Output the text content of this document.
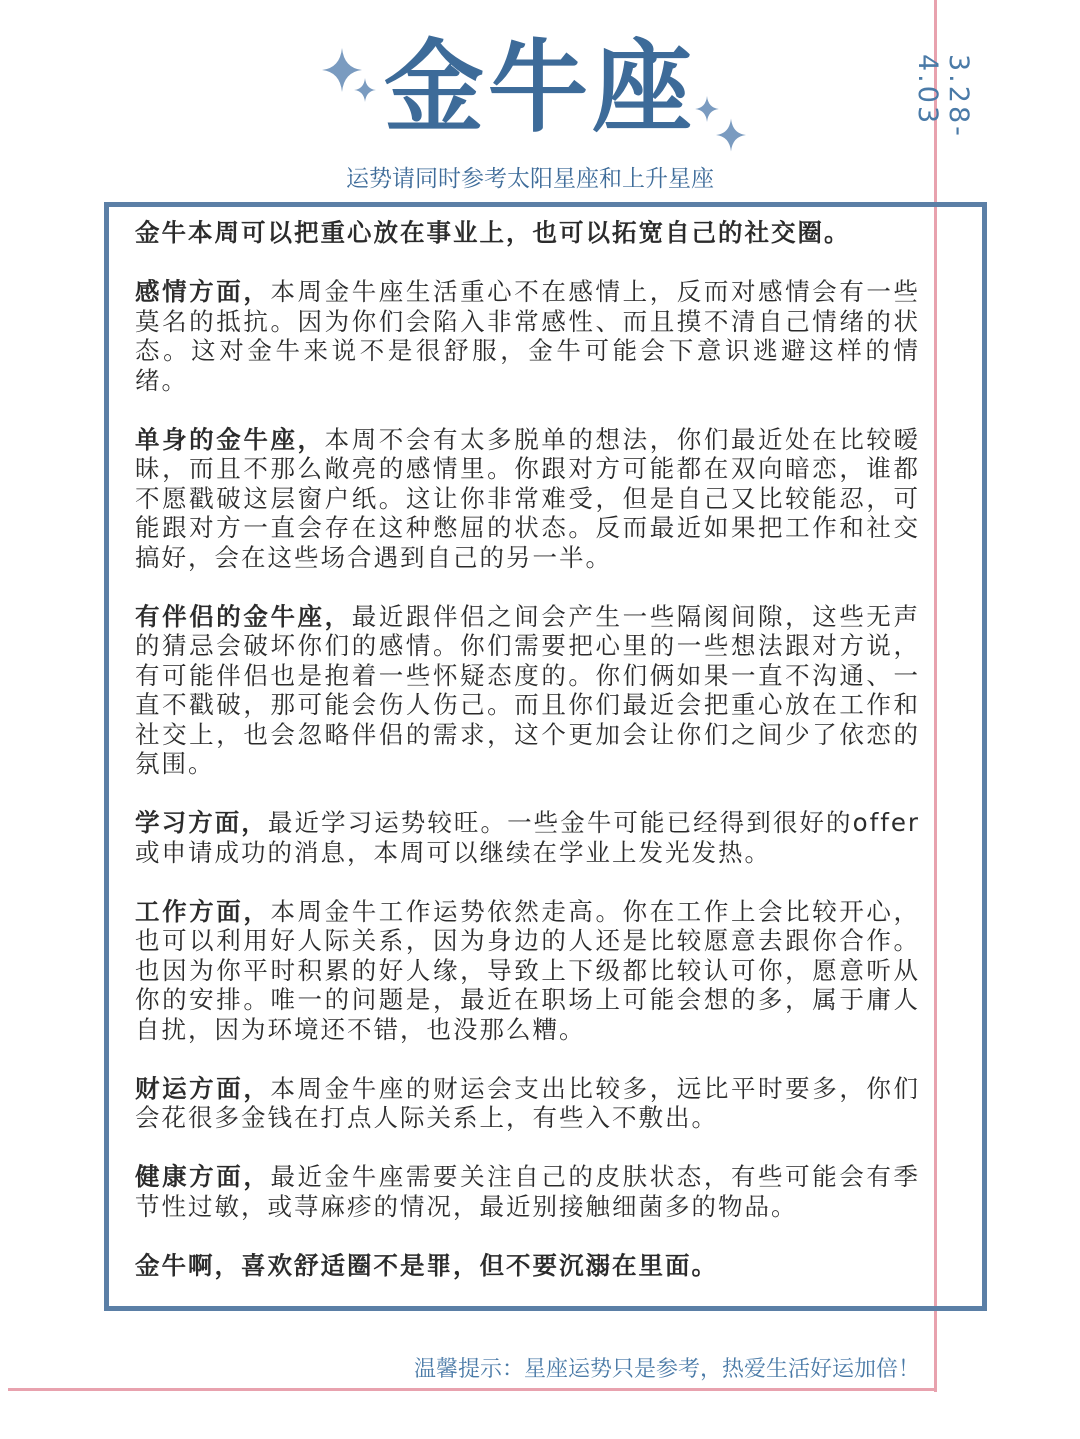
3.28-4.03
金牛座
运势请同时参考太阳星座和上升星座

金牛本周可以把重心放在事业上，也可以拓宽自己的社交圈。

感情方面，本周金牛座生活重心不在感情上，反而对感情会有一些莫名的抵抗。因为你们会陷入非常感性、而且摸不清自己情绪的状态。这对金牛来说不是很舒服，金牛可能会下意识逃避这样的情绪。

单身的金牛座，本周不会有太多脱单的想法，你们最近处在比较暧昧，而且不那么敞亮的感情里。你跟对方可能都在双向暗恋，谁都不愿戳破这层窗户纸。这让你非常难受，但是自己又比较能忍，可能跟对方一直会存在这种憋屈的状态。反而最近如果把工作和社交搞好，会在这些场合遇到自己的另一半。

有伴侣的金牛座，最近跟伴侣之间会产生一些隔阂间隙，这些无声的猜忌会破坏你们的感情。你们需要把心里的一些想法跟对方说，有可能伴侣也是抱着一些怀疑态度的。你们俩如果一直不沟通、一直不戳破，那可能会伤人伤己。而且你们最近会把重心放在工作和社交上，也会忽略伴侣的需求，这个更加会让你们之间少了依恋的氛围。

学习方面，最近学习运势较旺。一些金牛可能已经得到很好的offer或申请成功的消息，本周可以继续在学业上发光发热。

工作方面，本周金牛工作运势依然走高。你在工作上会比较开心，也可以利用好人际关系，因为身边的人还是比较愿意去跟你合作。也因为你平时积累的好人缘，导致上下级都比较认可你，愿意听从你的安排。唯一的问题是，最近在职场上可能会想的多，属于庸人自扰，因为环境还不错，也没那么糟。

财运方面，本周金牛座的财运会支出比较多，远比平时要多，你们会花很多金钱在打点人际关系上，有些入不敷出。

健康方面，最近金牛座需要关注自己的皮肤状态，有些可能会有季节性过敏，或荨麻疹的情况，最近别接触细菌多的物品。

金牛啊，喜欢舒适圈不是罪，但不要沉溺在里面。

温馨提示：星座运势只是参考，热爱生活好运加倍！
